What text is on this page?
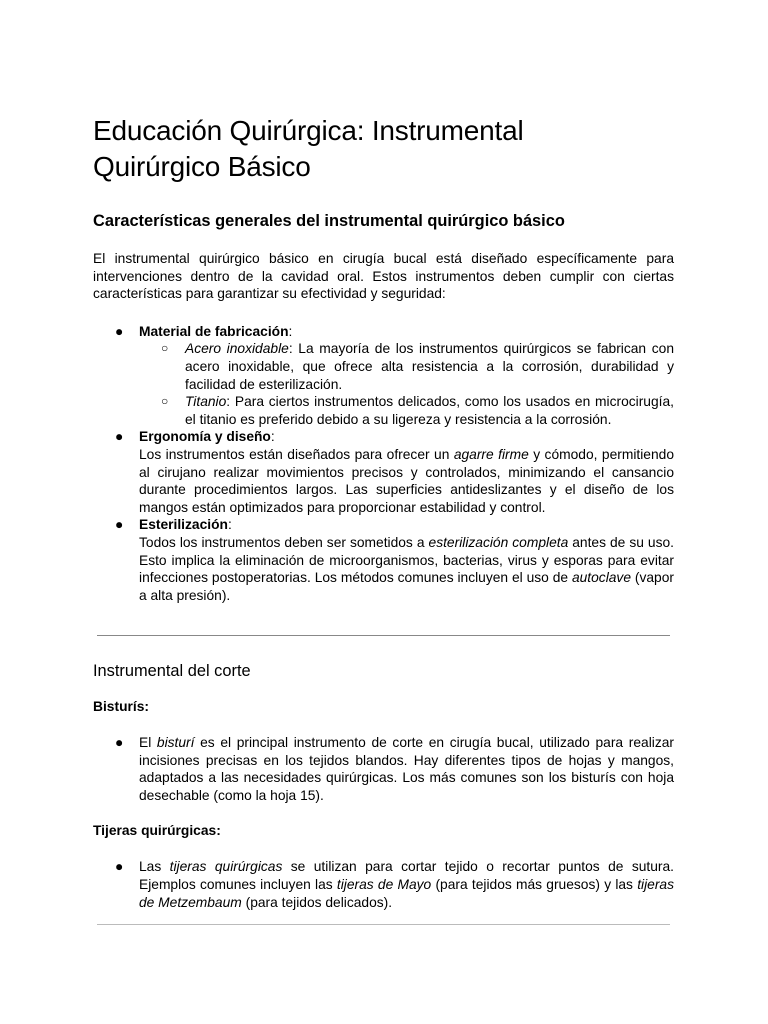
Educación Quirúrgica: Instrumental
Quirúrgico Básico
Características generales del instrumental quirúrgico básico

El instrumental quirúrgico básico en cirugía bucal está diseñado específicamente para intervenciones dentro de la cavidad oral. Estos instrumentos deben cumplir con ciertas características para garantizar su efectividad y seguridad:

● Material de fabricación:
○ Acero inoxidable: La mayoría de los instrumentos quirúrgicos se fabrican con acero inoxidable, que ofrece alta resistencia a la corrosión, durabilidad y facilidad de esterilización.
○ Titanio: Para ciertos instrumentos delicados, como los usados en microcirugía, el titanio es preferido debido a su ligereza y resistencia a la corrosión.
● Ergonomía y diseño:
Los instrumentos están diseñados para ofrecer un agarre firme y cómodo, permitiendo al cirujano realizar movimientos precisos y controlados, minimizando el cansancio durante procedimientos largos. Las superficies antideslizantes y el diseño de los mangos están optimizados para proporcionar estabilidad y control.
● Esterilización:
Todos los instrumentos deben ser sometidos a esterilización completa antes de su uso. Esto implica la eliminación de microorganismos, bacterias, virus y esporas para evitar infecciones postoperatorias. Los métodos comunes incluyen el uso de autoclave (vapor a alta presión).
Instrumental del corte
Bisturís:
● El bisturí es el principal instrumento de corte en cirugía bucal, utilizado para realizar incisiones precisas en los tejidos blandos. Hay diferentes tipos de hojas y mangos, adaptados a las necesidades quirúrgicas. Los más comunes son los bisturís con hoja desechable (como la hoja 15).
Tijeras quirúrgicas:
● Las tijeras quirúrgicas se utilizan para cortar tejido o recortar puntos de sutura. Ejemplos comunes incluyen las tijeras de Mayo (para tejidos más gruesos) y las tijeras de Metzembaum (para tejidos delicados).
